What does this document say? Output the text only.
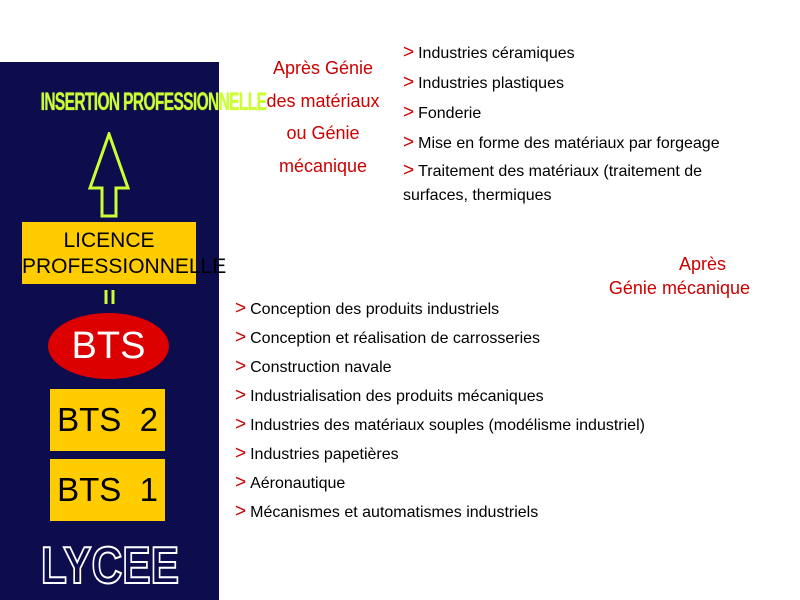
INSERTION PROFESSIONNELLE
LICENCE
PROFESSIONNELLE
BTS
BTS  2
BTS  1
LYCEE
Après Génie
des matériaux
ou Génie
mécanique
> Industries céramiques
> Industries plastiques
> Fonderie
> Mise en forme des matériaux par forgeage
> Traitement des matériaux (traitement de surfaces, thermiques
Après
Génie mécanique
> Conception des produits industriels
> Conception et réalisation de carrosseries
> Construction navale
> Industrialisation des produits mécaniques
> Industries des matériaux souples (modélisme industriel)
> Industries papetières
> Aéronautique
> Mécanismes et automatismes industriels
